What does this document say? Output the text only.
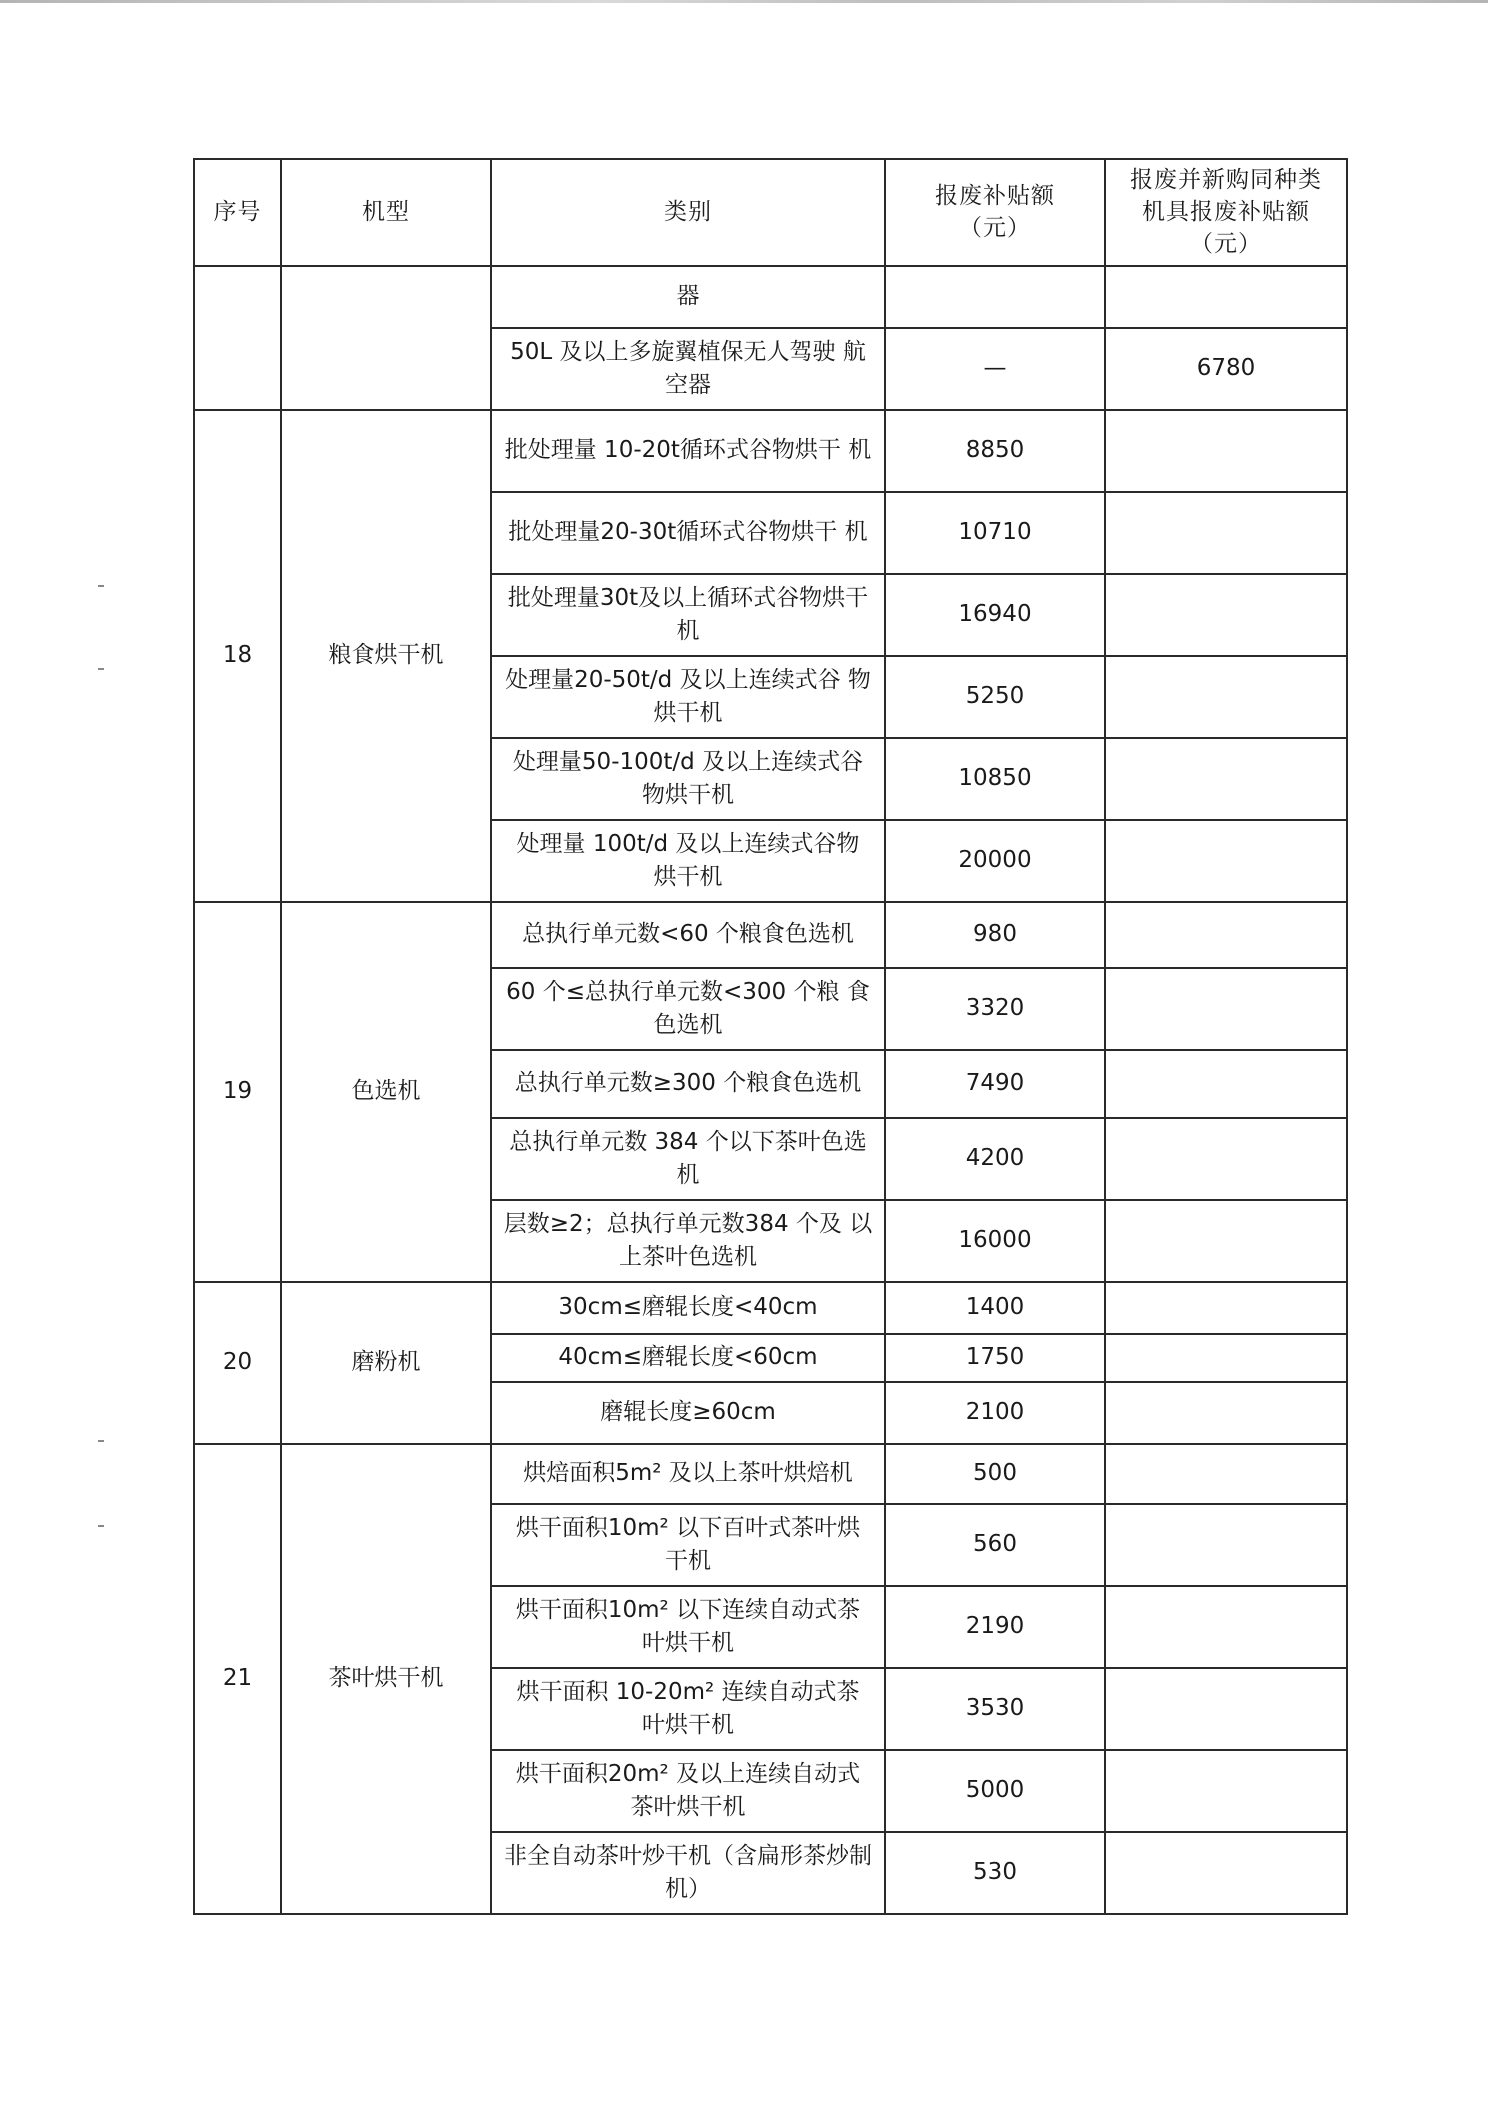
序号	机型	类别	报废补贴额（元）	报废并新购同种类机具报废补贴额（元）
		器		
		50L 及以上多旋翼植保无人驾驶 航空器	—	6780
18	粮食烘干机	批处理量 10-20t循环式谷物烘干 机	8850	
		批处理量20-30t循环式谷物烘干 机	10710	
		批处理量30t及以上循环式谷物烘干机	16940	
		处理量20-50t/d 及以上连续式谷 物烘干机	5250	
		处理量50-100t/d 及以上连续式谷 物烘干机	10850	
		处理量 100t/d 及以上连续式谷物 烘干机	20000	
19	色选机	总执行单元数<60 个粮食色选机	980	
		60 个≤总执行单元数<300 个粮 食色选机	3320	
		总执行单元数≥300 个粮食色选机	7490	
		总执行单元数 384 个以下茶叶色选机	4200	
		层数≥2；总执行单元数384 个及 以上茶叶色选机	16000	
20	磨粉机	30cm≤磨辊长度<40cm	1400	
		40cm≤磨辊长度<60cm	1750	
		磨辊长度≥60cm	2100	
21	茶叶烘干机	烘焙面积5m² 及以上茶叶烘焙机	500	
		烘干面积10m² 以下百叶式茶叶烘 干机	560	
		烘干面积10m² 以下连续自动式茶 叶烘干机	2190	
		烘干面积 10-20m² 连续自动式茶 叶烘干机	3530	
		烘干面积20m² 及以上连续自动式 茶叶烘干机	5000	
		非全自动茶叶炒干机（含扁形茶炒制机）	530	
